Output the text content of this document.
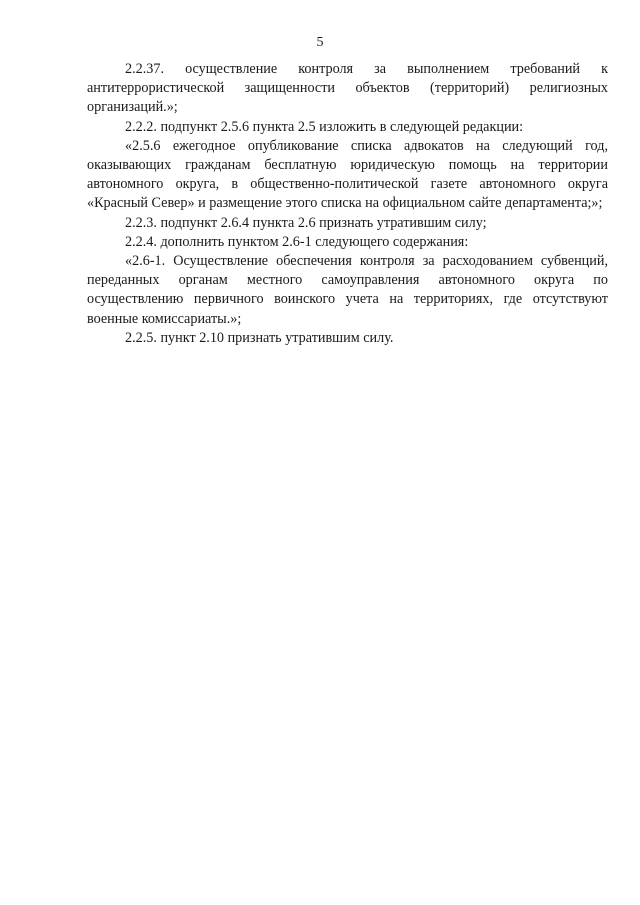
5

2.2.37. осуществление контроля за выполнением требований к антитеррористической защищенности объектов (территорий) религиозных организаций.»;

2.2.2. подпункт 2.5.6 пункта 2.5 изложить в следующей редакции:

«2.5.6 ежегодное опубликование списка адвокатов на следующий год, оказывающих гражданам бесплатную юридическую помощь на территории автономного округа, в общественно-политической газете автономного округа «Красный Север» и размещение этого списка на официальном сайте департамента;»;

2.2.3. подпункт 2.6.4 пункта 2.6 признать утратившим силу;

2.2.4. дополнить пунктом 2.6-1 следующего содержания:

«2.6-1. Осуществление обеспечения контроля за расходованием субвенций, переданных органам местного самоуправления автономного округа по осуществлению первичного воинского учета на территориях, где отсутствуют военные комиссариаты.»;

2.2.5. пункт 2.10 признать утратившим силу.
